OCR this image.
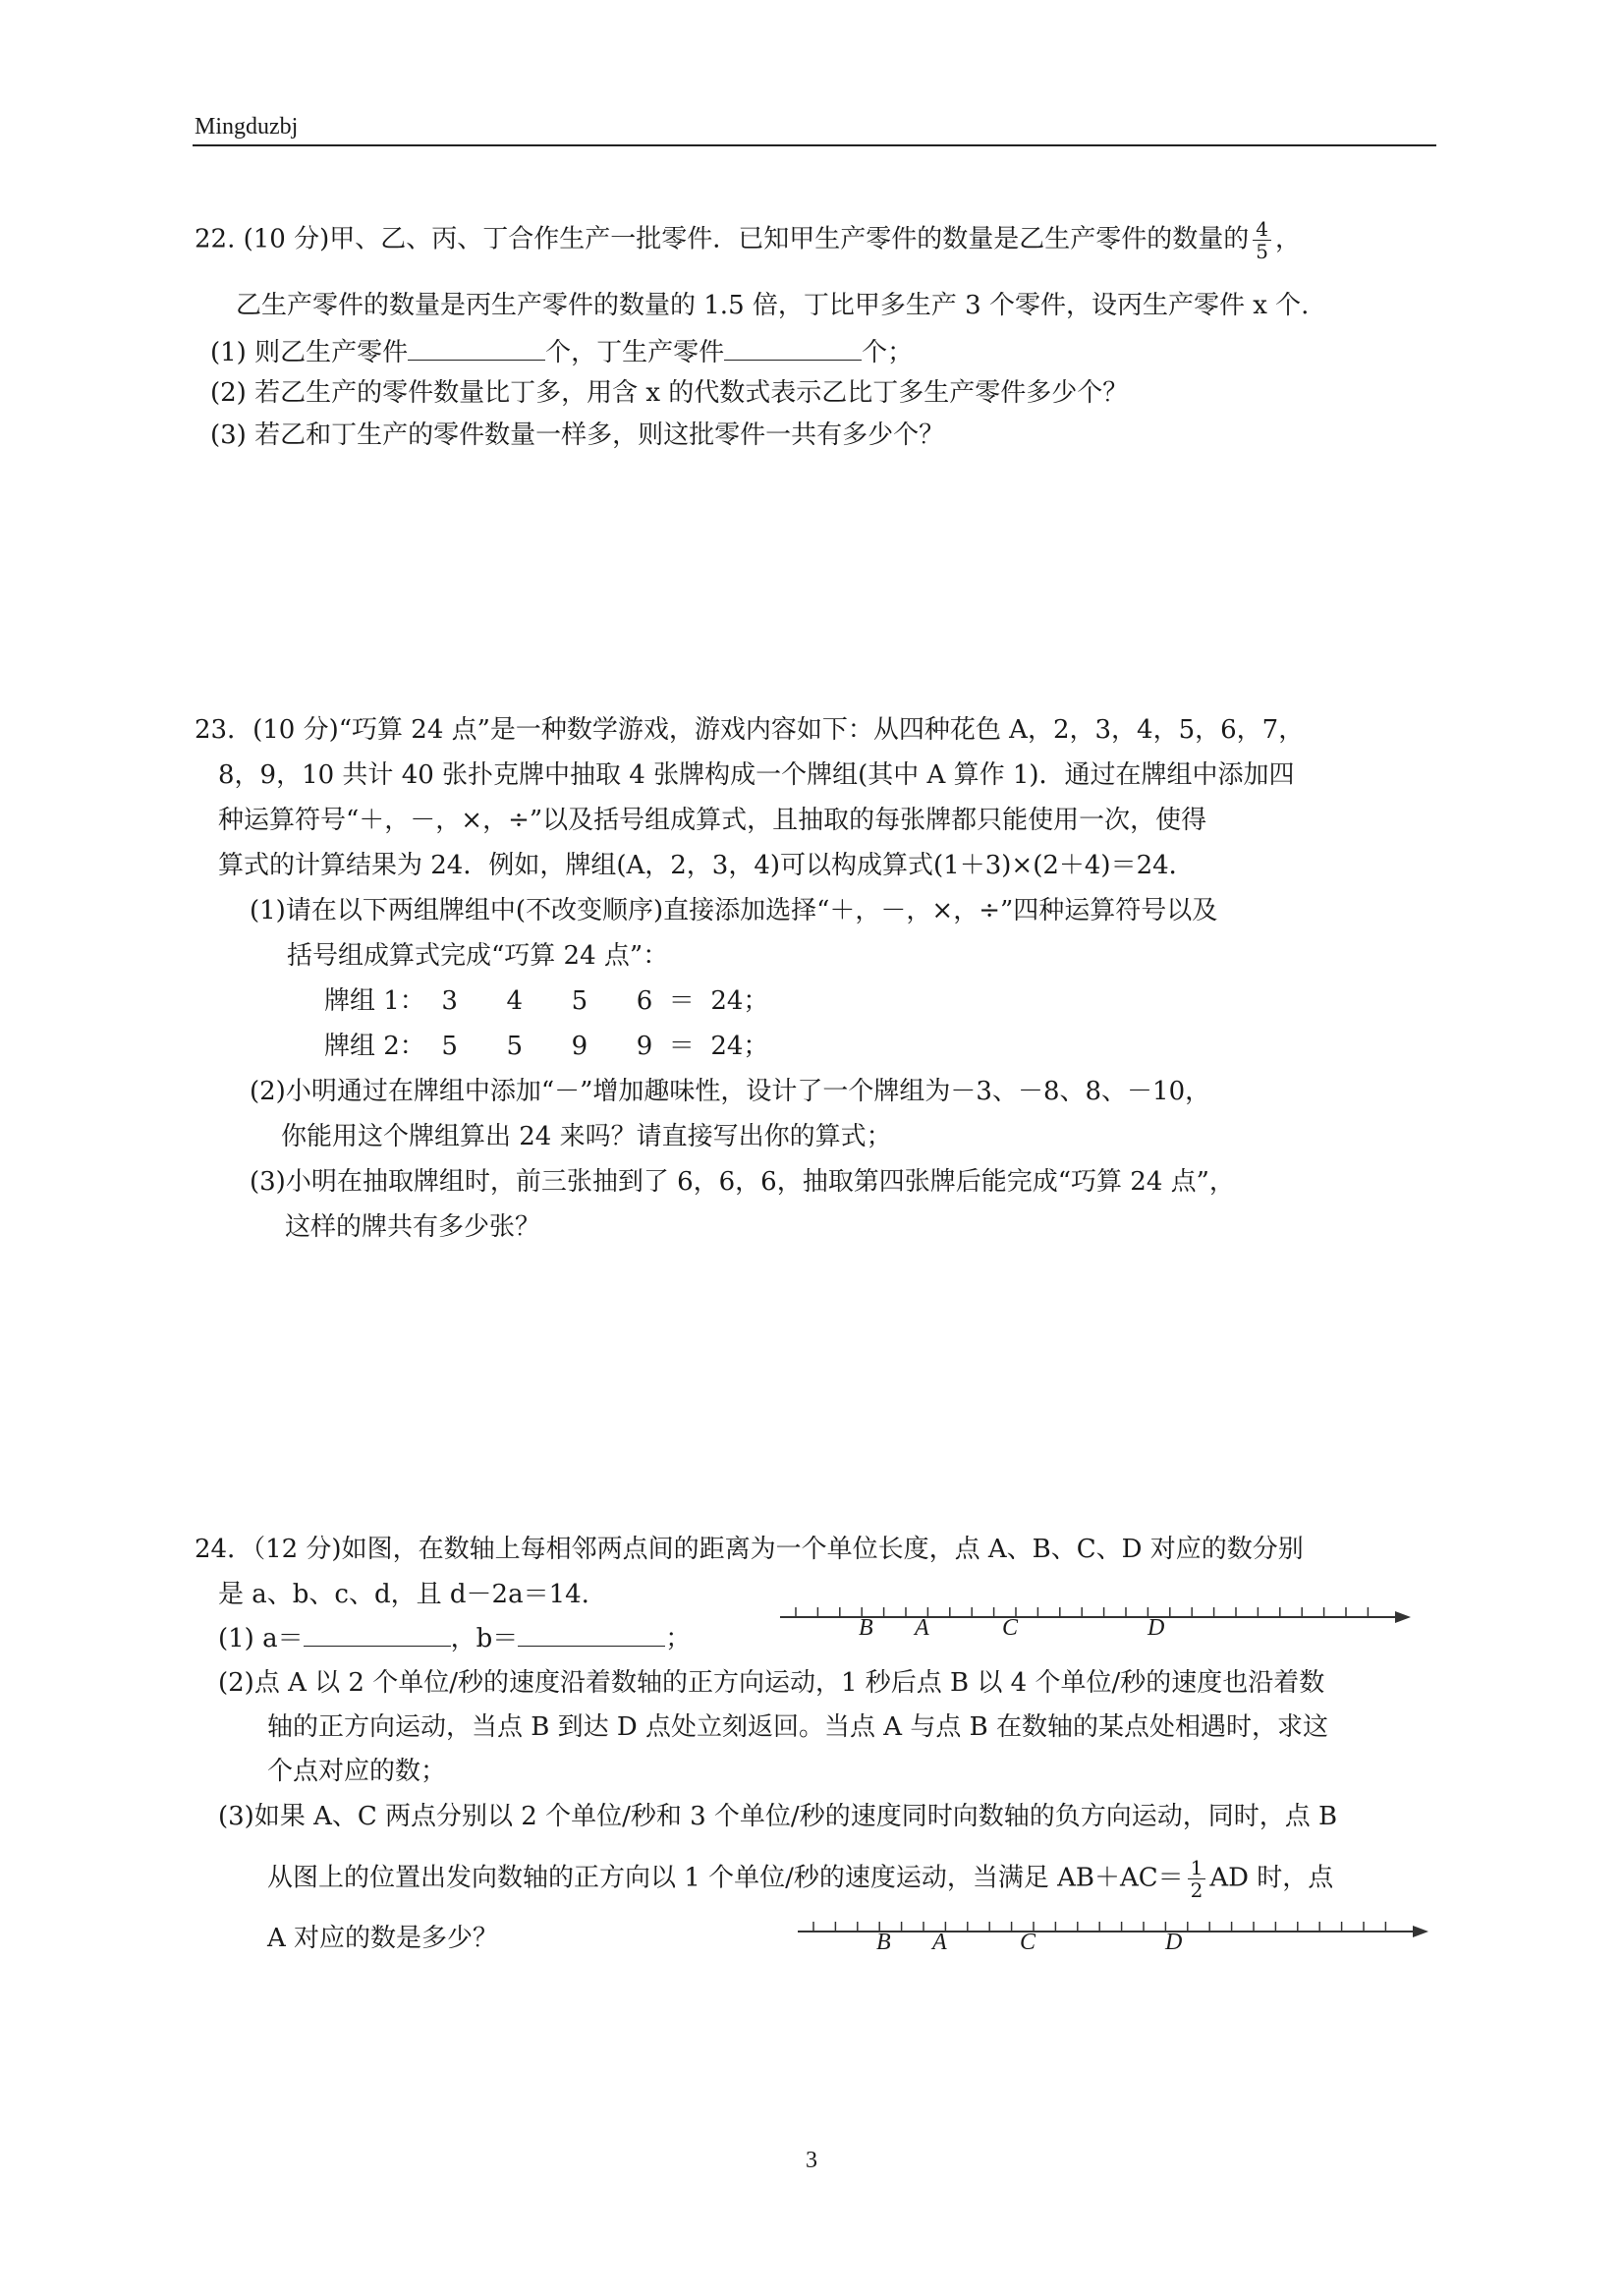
Mingduzbj
22. (10 分)甲、乙、丙、丁合作生产一批零件．已知甲生产零件的数量是乙生产零件的数量的 $\frac{4}{5}$ ，
乙生产零件的数量是丙生产零件的数量的 1.5 倍，丁比甲多生产 3 个零件，设丙生产零件 x 个.
(1) 则乙生产零件	个，丁生产零件	个；
(2) 若乙生产的零件数量比丁多，用含 x 的代数式表示乙比丁多生产零件多少个？
(3) 若乙和丁生产的零件数量一样多，则这批零件一共有多少个？
23．(10 分)“巧算 24 点”是一种数学游戏，游戏内容如下：从四种花色 A，2，3，4，5，6，7，
8，9，10 共计 40 张扑克牌中抽取 4 张牌构成一个牌组(其中 A 算作 1)．通过在牌组中添加四
种运算符号“＋，－，×，÷”以及括号组成算式，且抽取的每张牌都只能使用一次，使得
算式的计算结果为 24．例如，牌组(A，2，3，4)可以构成算式(1＋3)×(2＋4)＝24．
(1)请在以下两组牌组中(不改变顺序)直接添加选择“＋，－，×，÷”四种运算符号以及
括号组成算式完成“巧算 24 点”：
牌组 1：  3      4      5      6  ＝  24；
牌组 2：  5      5      9      9  ＝  24；
(2)小明通过在牌组中添加“－”增加趣味性，设计了一个牌组为－3、－8、8、－10，
你能用这个牌组算出 24 来吗？请直接写出你的算式；
(3)小明在抽取牌组时，前三张抽到了 6，6，6，抽取第四张牌后能完成“巧算 24 点”，
这样的牌共有多少张？
24．（12 分)如图，在数轴上每相邻两点间的距离为一个单位长度，点 A、B、C、D 对应的数分别
是 a、b、c、d，且 d－2a＝14.
(1) a＝	，b＝	；	B A	C	D
(2)点 A 以 2 个单位/秒的速度沿着数轴的正方向运动，1 秒后点 B 以 4 个单位/秒的速度也沿着数
轴的正方向运动，当点 B 到达 D 点处立刻返回。当点 A 与点 B 在数轴的某点处相遇时，求这
个点对应的数；
(3)如果 A、C 两点分别以 2 个单位/秒和 3 个单位/秒的速度同时向数轴的负方向运动，同时，点 B
从图上的位置出发向数轴的正方向以 1 个单位/秒的速度运动，当满足 $AB+AC= \frac{1}{2}$ AD 时，点
A 对应的数是多少？	B A	C	D
3
